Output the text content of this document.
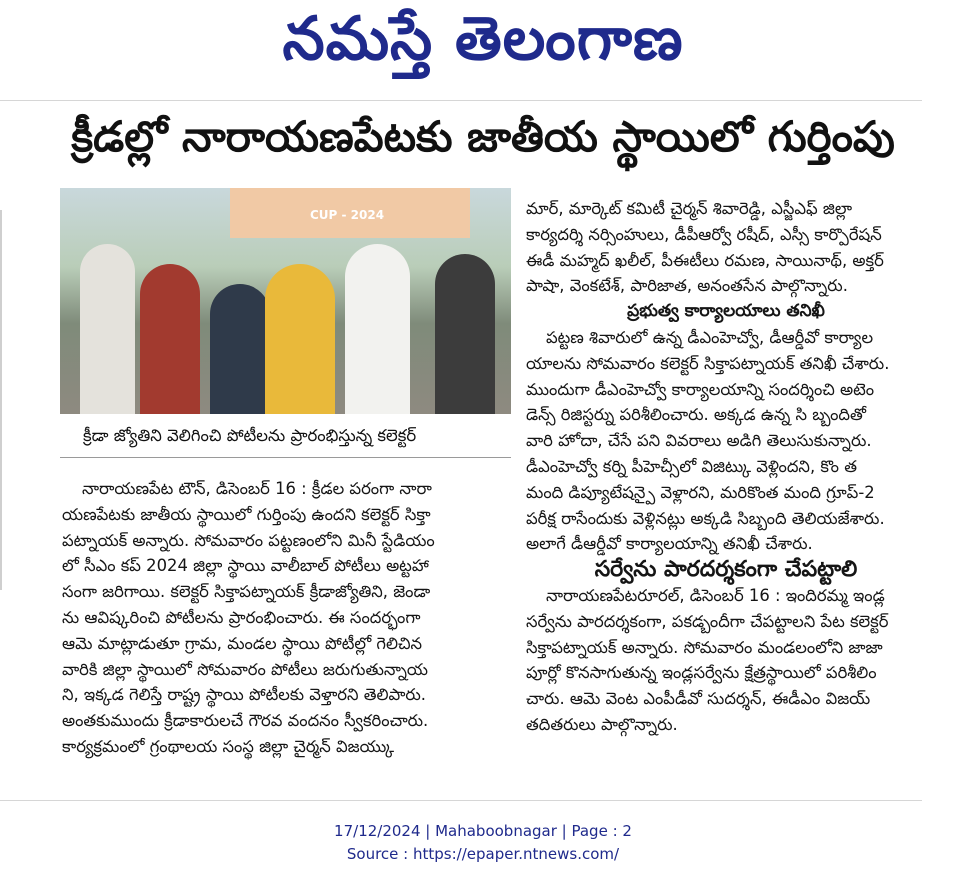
నమస్తే తెలంగాణ
క్రీడల్లో నారాయణపేటకు జాతీయ స్థాయిలో గుర్తింపు
CUP - 2024
క్రీడా జ్యోతిని వెలిగించి పోటీలను ప్రారంభిస్తున్న కలెక్టర్

నారాయణపేట టౌన్, డిసెంబర్ 16 : క్రీడల పరంగా నారా

యణపేటకు జాతీయ స్థాయిలో గుర్తింపు ఉందని కలెక్టర్ సిక్తా

పట్నాయక్ అన్నారు. సోమవారం పట్టణంలోని మినీ స్టేడియం

లో సీఎం కప్ 2024 జిల్లా స్థాయి వాలీబాల్ పోటీలు అట్టహా

సంగా జరిగాయి. కలెక్టర్ సిక్తాపట్నాయక్ క్రీడాజ్యోతిని, జెండా

ను ఆవిష్కరించి పోటీలను ప్రారంభించారు. ఈ సందర్భంగా

ఆమె మాట్లాడుతూ గ్రామ, మండల స్థాయి పోటీల్లో గెలిచిన

వారికి జిల్లా స్థాయిలో సోమవారం పోటీలు జరుగుతున్నాయ

ని, ఇక్కడ గెలిస్తే రాష్ట్ర స్థాయి పోటీలకు వెళ్తారని తెలిపారు.

అంతకుముందు క్రీడాకారులచే గౌరవ వందనం స్వీకరించారు.

కార్యక్రమంలో గ్రంథాలయ సంస్థ జిల్లా చైర్మన్ విజయ్కు

మార్, మార్కెట్ కమిటీ చైర్మన్ శివారెడ్డి, ఎస్జీఎఫ్ జిల్లా

కార్యదర్శి నర్సింహులు, డీపీఆర్వో రషీద్, ఎస్సీ కార్పొరేషన్

ఈడీ మహ్మద్ ఖలీల్, పీఈటీలు రమణ, సాయినాథ్, అక్తర్

పాషా, వెంకటేశ్, పారిజాత, అనంతసేన పాల్గొన్నారు.

ప్రభుత్వ కార్యాలయాలు తనిఖీ

పట్టణ శివారులో ఉన్న డీఎంహెచ్వో, డీఆర్డీవో కార్యాల

యాలను సోమవారం కలెక్టర్ సిక్తాపట్నాయక్ తనిఖీ చేశారు.

ముందుగా డీఎంహెచ్వో కార్యాలయాన్ని సందర్శించి అటెం

డెన్స్ రిజిస్టర్ను పరిశీలించారు. అక్కడ ఉన్న సి బ్బందితో

వారి హోదా, చేసే పని వివరాలు అడిగి తెలుసుకున్నారు.

డీఎంహెచ్వో కర్ని పీహెచ్సీలో విజిట్కు వెళ్లిందని, కొం త

మంది డిప్యూటేషన్పై వెళ్లారని, మరికొంత మంది గ్రూప్-2

పరీక్ష రాసేందుకు వెళ్లినట్లు అక్కడి సిబ్బంది తెలియజేశారు.

అలాగే డీఆర్డీవో కార్యాలయాన్ని తనిఖీ చేశారు.

సర్వేను పారదర్శకంగా చేపట్టాలి

నారాయణపేటరూరల్, డిసెంబర్ 16 : ఇందిరమ్మ ఇండ్ల

సర్వేను పారదర్శకంగా, పకడ్బందీగా చేపట్టాలని పేట కలెక్టర్

సిక్తాపట్నాయక్ అన్నారు. సోమవారం మండలంలోని జాజా

పూర్లో కొనసాగుతున్న ఇండ్లసర్వేను క్షేత్రస్థాయిలో పరిశీలిం

చారు. ఆమె వెంట ఎంపీడీవో సుదర్శన్, ఈడీఎం విజయ్

తదితరులు పాల్గొన్నారు.

17/12/2024 | Mahaboobnagar | Page : 2
Source : https://epaper.ntnews.com/
